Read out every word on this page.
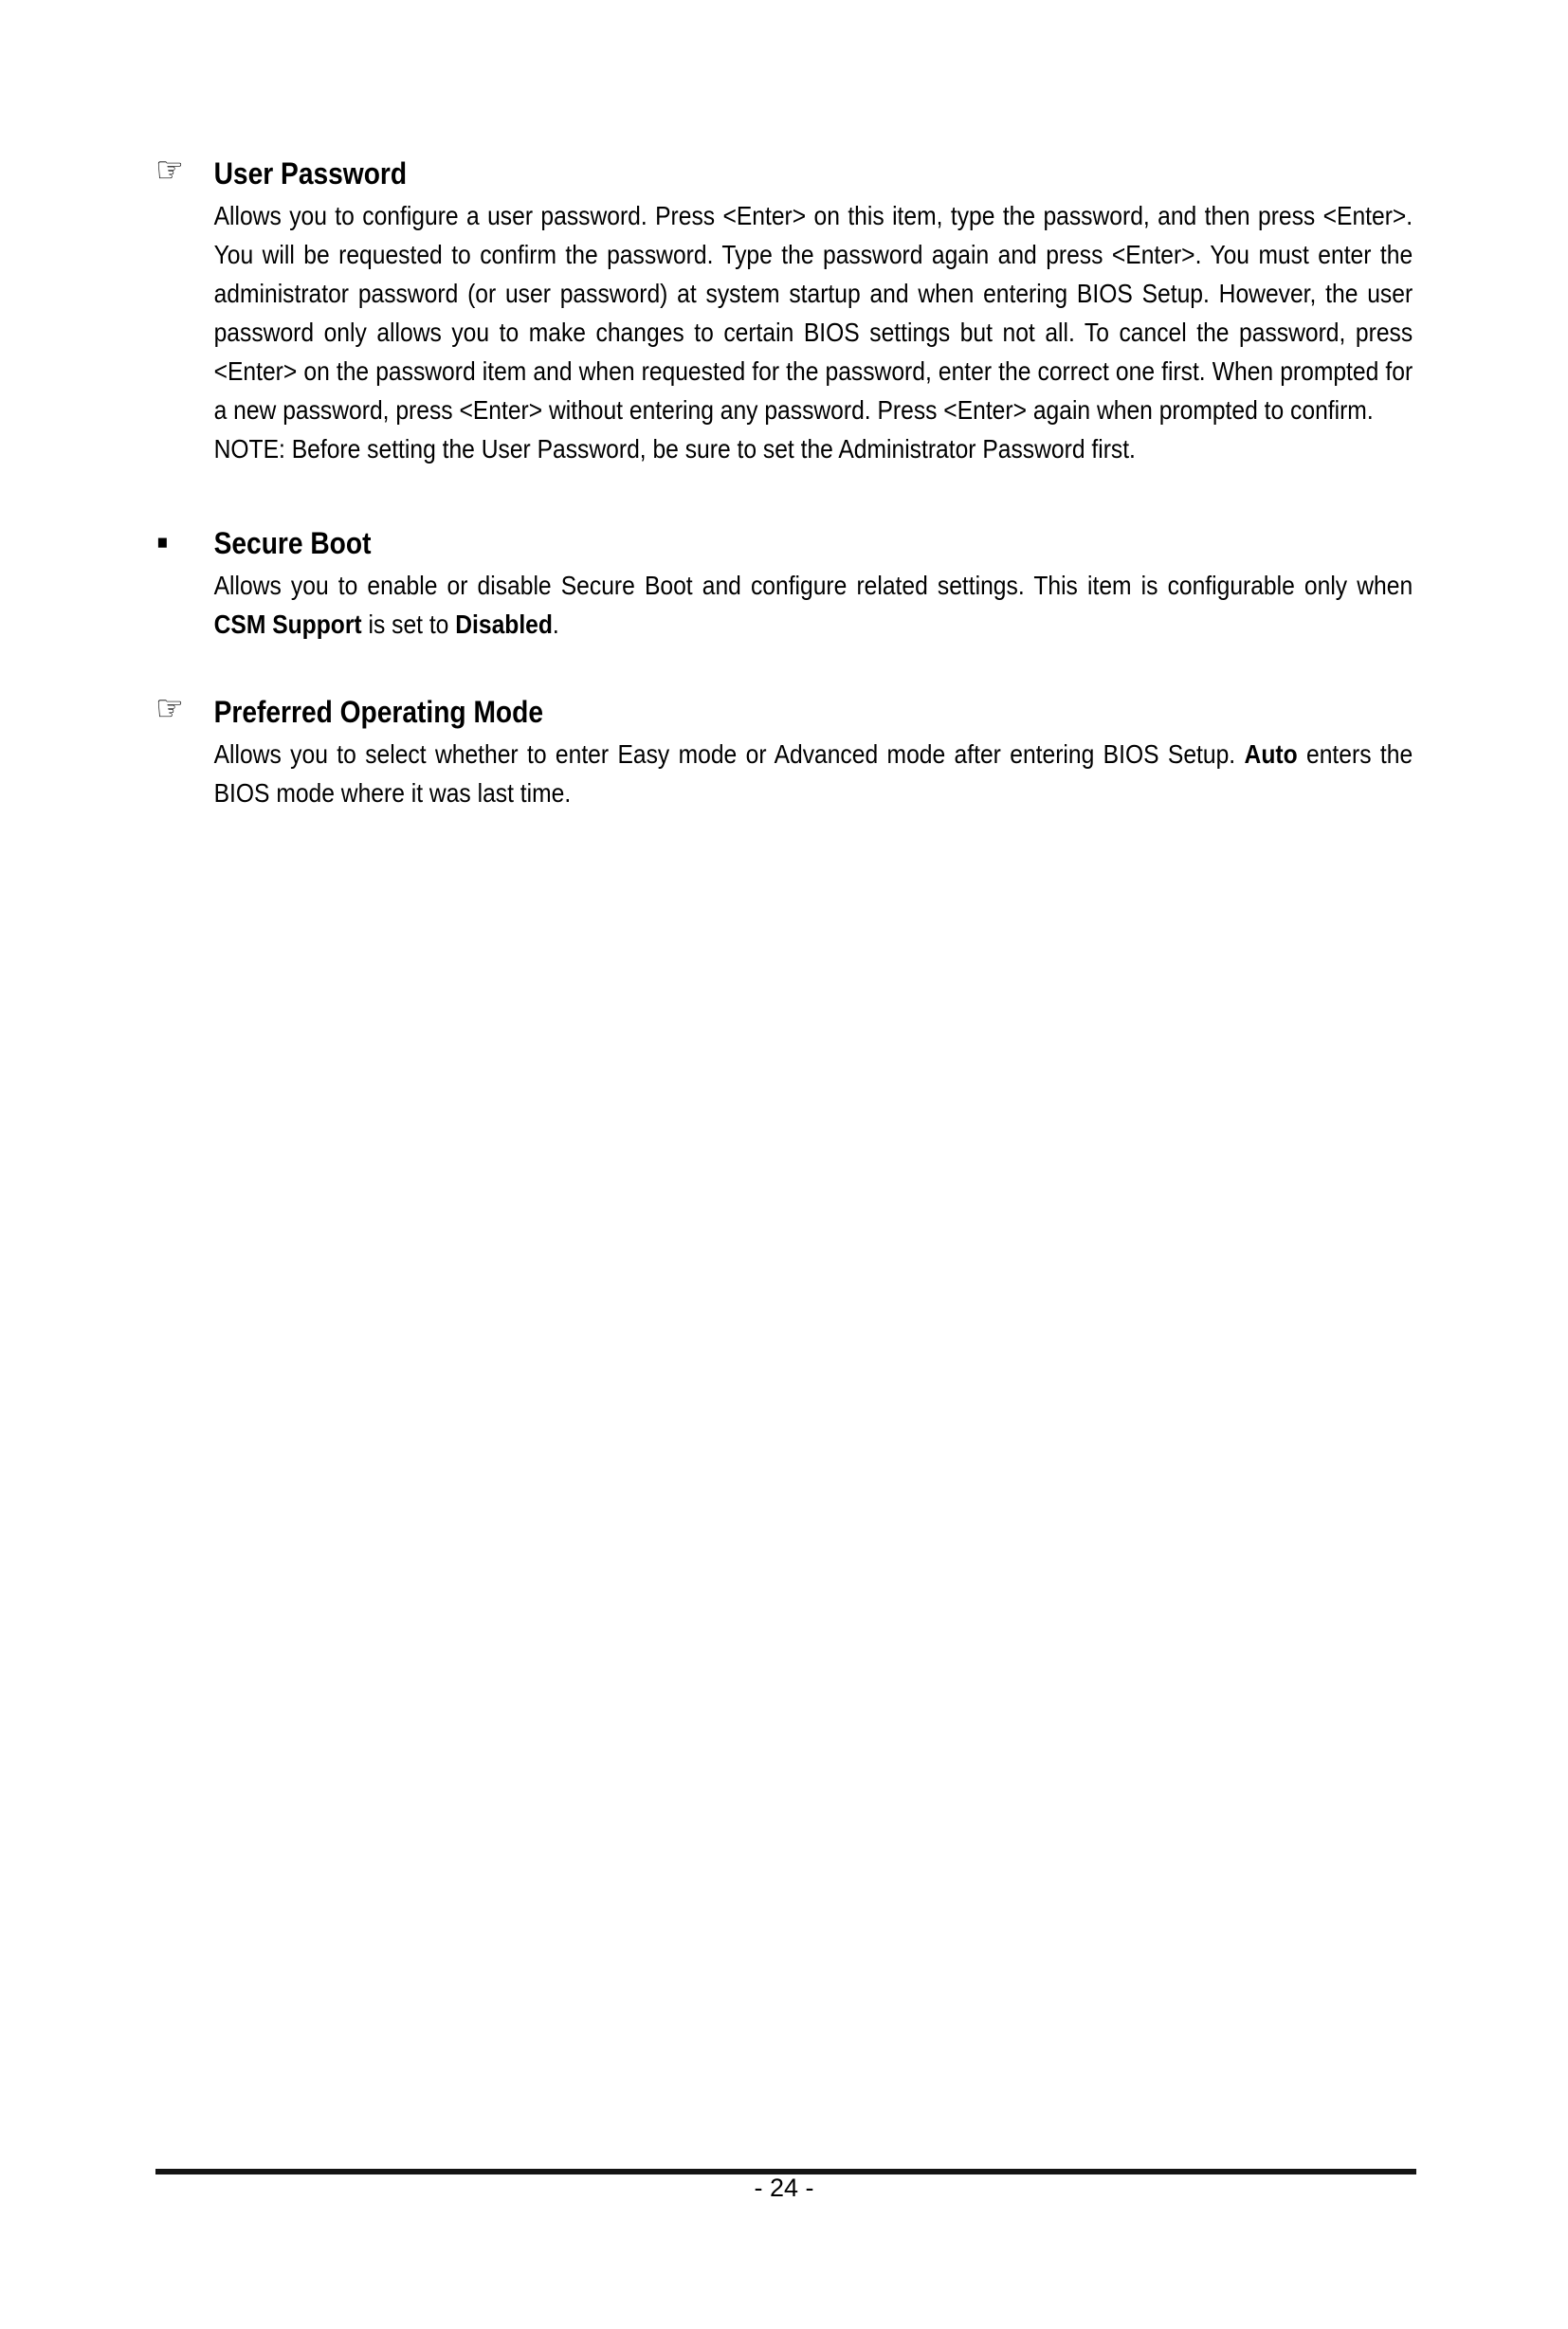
☞ User Password

Allows you to configure a user password. Press <Enter> on this item, type the password, and then press <Enter>. You will be requested to confirm the password. Type the password again and press <Enter>. You must enter the administrator password (or user password) at system startup and when entering BIOS Setup. However, the user password only allows you to make changes to certain BIOS settings but not all. To cancel the password, press <Enter> on the password item and when requested for the password, enter the correct one first. When prompted for a new password, press <Enter> without entering any password. Press <Enter> again when prompted to confirm.

NOTE: Before setting the User Password, be sure to set the Administrator Password first.

■	Secure Boot

Allows you to enable or disable Secure Boot and configure related settings. This item is configurable only when CSM Support is set to Disabled.

☞ Preferred Operating Mode

Allows you to select whether to enter Easy mode or Advanced mode after entering BIOS Setup. Auto enters the BIOS mode where it was last time.

- 24 -
